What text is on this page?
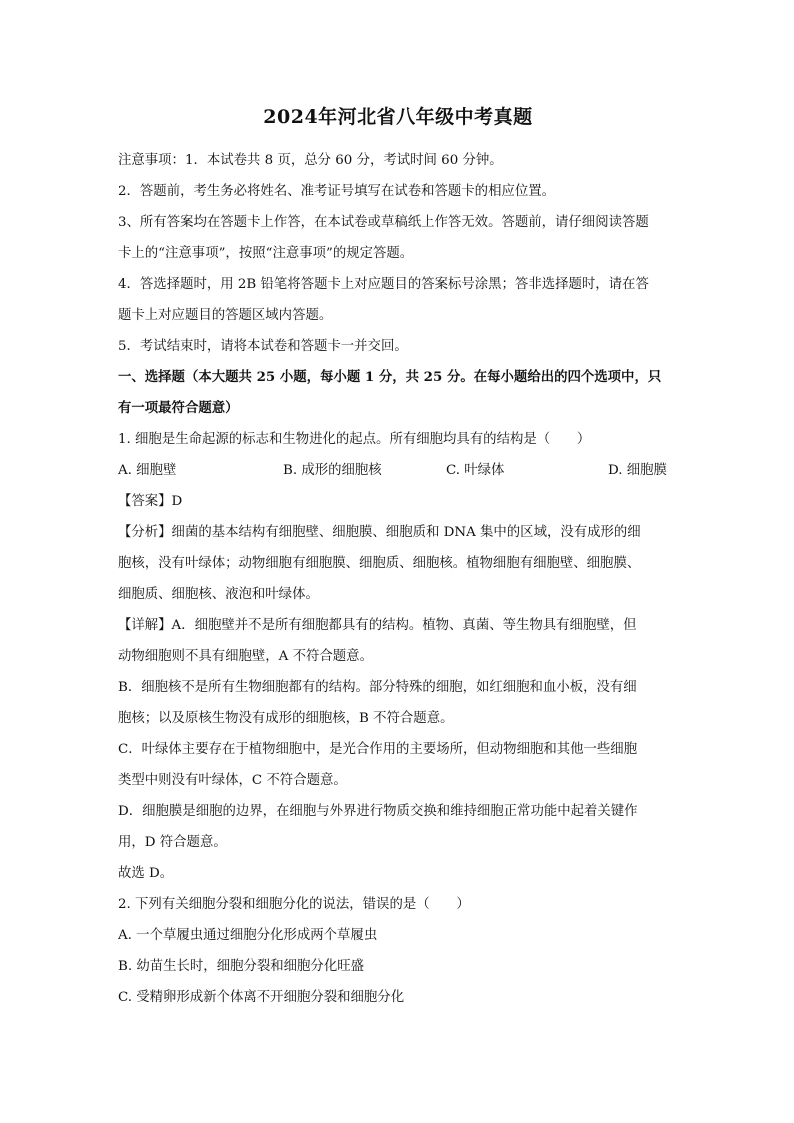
2024年河北省八年级中考真题

注意事项：1．本试卷共 8 页，总分 60 分，考试时间 60 分钟。

2．答题前，考生务必将姓名、准考证号填写在试卷和答题卡的相应位置。

3、所有答案均在答题卡上作答，在本试卷或草稿纸上作答无效。答题前，请仔细阅读答题

卡上的“注意事项”，按照“注意事项”的规定答题。

4．答选择题时，用 2B 铅笔将答题卡上对应题目的答案标号涂黑；答非选择题时，请在答

题卡上对应题目的答题区域内答题。

5．考试结束时，请将本试卷和答题卡一并交回。

一、选择题（本大题共 25 小题，每小题 1 分，共 25 分。在每小题给出的四个选项中，只

有一项最符合题意）

1. 细胞是生命起源的标志和生物进化的起点。所有细胞均具有的结构是（　　）

A. 细胞壁	B. 成形的细胞核	C. 叶绿体	D. 细胞膜

【答案】D

【分析】细菌的基本结构有细胞壁、细胞膜、细胞质和 DNA 集中的区域，没有成形的细

胞核，没有叶绿体；动物细胞有细胞膜、细胞质、细胞核。植物细胞有细胞壁、细胞膜、

细胞质、细胞核、液泡和叶绿体。

【详解】A．细胞壁并不是所有细胞都具有的结构。植物、真菌、等生物具有细胞壁，但

动物细胞则不具有细胞壁，A 不符合题意。

B．细胞核不是所有生物细胞都有的结构。部分特殊的细胞，如红细胞和血小板，没有细

胞核；以及原核生物没有成形的细胞核，B 不符合题意。

C．叶绿体主要存在于植物细胞中，是光合作用的主要场所，但动物细胞和其他一些细胞

类型中则没有叶绿体，C 不符合题意。

D．细胞膜是细胞的边界，在细胞与外界进行物质交换和维持细胞正常功能中起着关键作

用，D 符合题意。

故选 D。

2. 下列有关细胞分裂和细胞分化的说法，错误的是（　　）

A. 一个草履虫通过细胞分化形成两个草履虫

B. 幼苗生长时，细胞分裂和细胞分化旺盛

C. 受精卵形成新个体离不开细胞分裂和细胞分化
